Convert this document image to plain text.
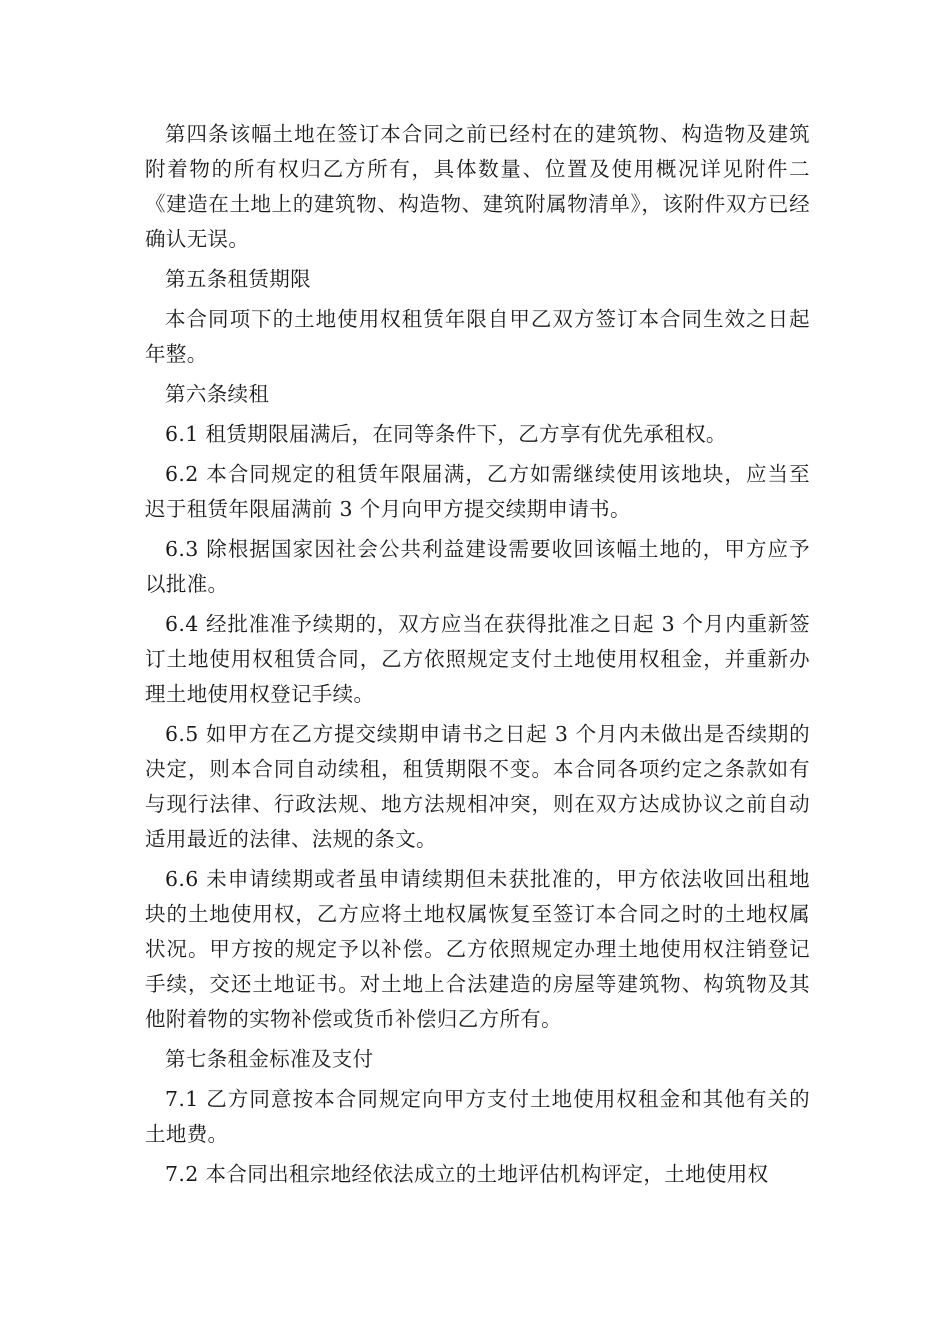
第四条该幅土地在签订本合同之前已经村在的建筑物、构造物及建筑附着物的所有权归乙方所有，具体数量、位置及使用概况详见附件二《建造在土地上的建筑物、构造物、建筑附属物清单》，该附件双方已经确认无误。

第五条租赁期限

本合同项下的土地使用权租赁年限自甲乙双方签订本合同生效之日起年整。

第六条续租

6.1 租赁期限届满后，在同等条件下，乙方享有优先承租权。

6.2 本合同规定的租赁年限届满，乙方如需继续使用该地块，应当至迟于租赁年限届满前 3 个月向甲方提交续期申请书。

6.3 除根据国家因社会公共利益建设需要收回该幅土地的，甲方应予以批准。

6.4 经批准准予续期的，双方应当在获得批准之日起 3 个月内重新签订土地使用权租赁合同，乙方依照规定支付土地使用权租金，并重新办理土地使用权登记手续。

6.5 如甲方在乙方提交续期申请书之日起 3 个月内未做出是否续期的决定，则本合同自动续租，租赁期限不变。本合同各项约定之条款如有与现行法律、行政法规、地方法规相冲突，则在双方达成协议之前自动适用最近的法律、法规的条文。

6.6 未申请续期或者虽申请续期但未获批准的，甲方依法收回出租地块的土地使用权，乙方应将土地权属恢复至签订本合同之时的土地权属状况。甲方按的规定予以补偿。乙方依照规定办理土地使用权注销登记手续，交还土地证书。对土地上合法建造的房屋等建筑物、构筑物及其他附着物的实物补偿或货币补偿归乙方所有。

第七条租金标准及支付

7.1 乙方同意按本合同规定向甲方支付土地使用权租金和其他有关的土地费。

7.2 本合同出租宗地经依法成立的土地评估机构评定，土地使用权
